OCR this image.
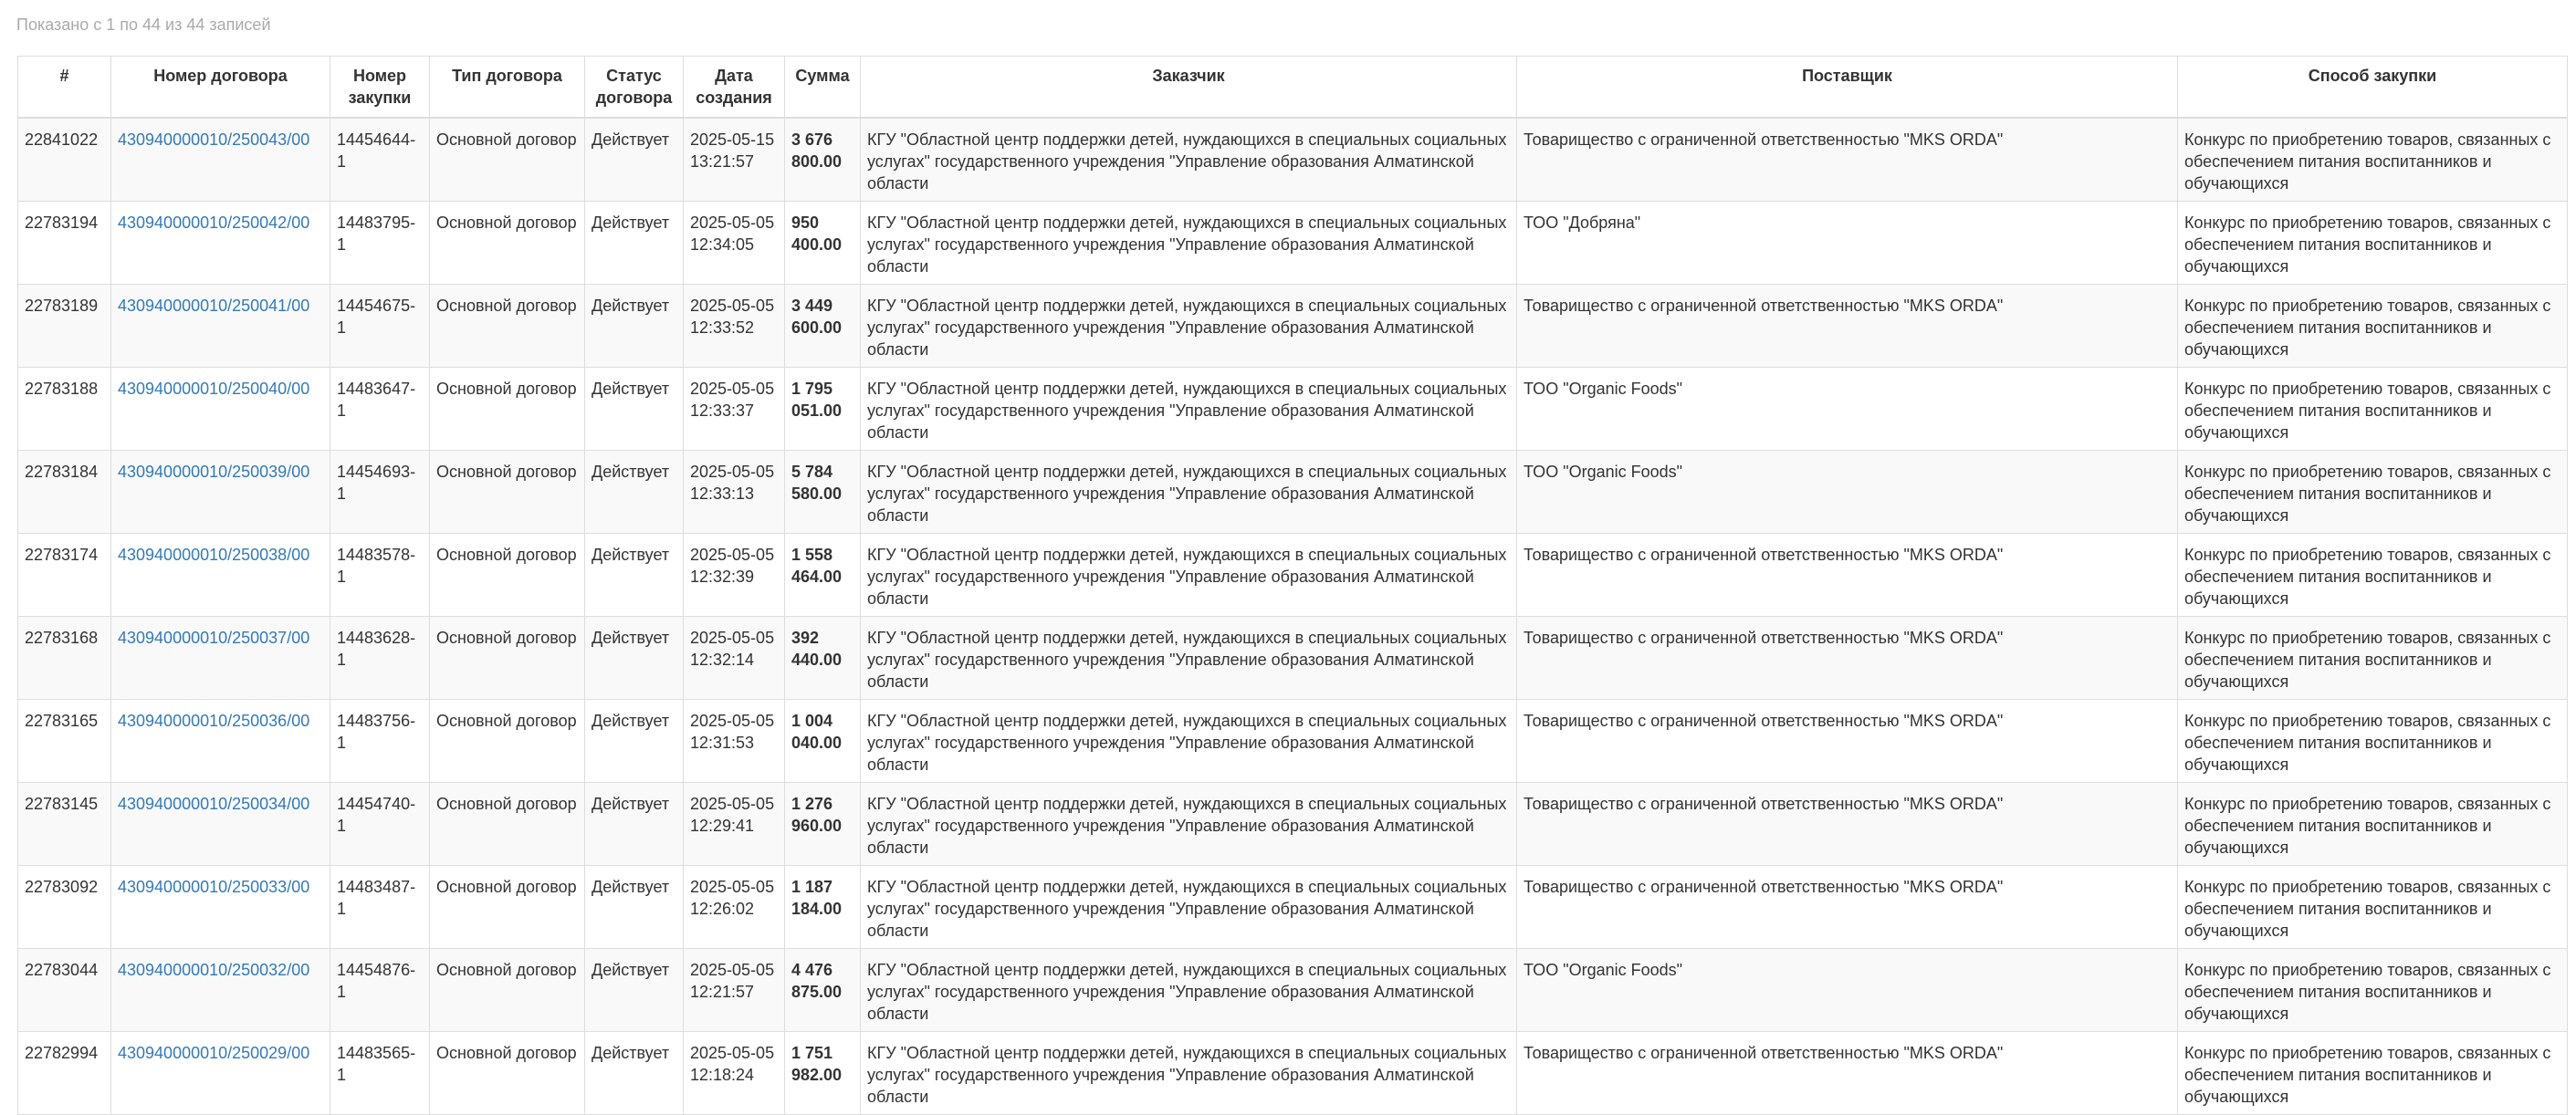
Показано с 1 по 44 из 44 записей
#	Номер договора	Номер закупки	Тип договора	Статус договора	Дата создания	Сумма	Заказчик	Поставщик	Способ закупки
22841022	430940000010/250043/00	14454644-1	Основной договор	Действует	2025-05-15 13:21:57	3 676 800.00	КГУ "Областной центр поддержки детей, нуждающихся в специальных социальных услугах" государственного учреждения "Управление образования Алматинской области	Товарищество с ограниченной ответственностью "MKS ORDA"	Конкурс по приобретению товаров, связанных с обеспечением питания воспитанников и обучающихся
22783194	430940000010/250042/00	14483795-1	Основной договор	Действует	2025-05-05 12:34:05	950 400.00	КГУ "Областной центр поддержки детей, нуждающихся в специальных социальных услугах" государственного учреждения "Управление образования Алматинской области	ТОО "Добряна"	Конкурс по приобретению товаров, связанных с обеспечением питания воспитанников и обучающихся
22783189	430940000010/250041/00	14454675-1	Основной договор	Действует	2025-05-05 12:33:52	3 449 600.00	КГУ "Областной центр поддержки детей, нуждающихся в специальных социальных услугах" государственного учреждения "Управление образования Алматинской области	Товарищество с ограниченной ответственностью "MKS ORDA"	Конкурс по приобретению товаров, связанных с обеспечением питания воспитанников и обучающихся
22783188	430940000010/250040/00	14483647-1	Основной договор	Действует	2025-05-05 12:33:37	1 795 051.00	КГУ "Областной центр поддержки детей, нуждающихся в специальных социальных услугах" государственного учреждения "Управление образования Алматинской области	ТОО "Organic Foods"	Конкурс по приобретению товаров, связанных с обеспечением питания воспитанников и обучающихся
22783184	430940000010/250039/00	14454693-1	Основной договор	Действует	2025-05-05 12:33:13	5 784 580.00	КГУ "Областной центр поддержки детей, нуждающихся в специальных социальных услугах" государственного учреждения "Управление образования Алматинской области	ТОО "Organic Foods"	Конкурс по приобретению товаров, связанных с обеспечением питания воспитанников и обучающихся
22783174	430940000010/250038/00	14483578-1	Основной договор	Действует	2025-05-05 12:32:39	1 558 464.00	КГУ "Областной центр поддержки детей, нуждающихся в специальных социальных услугах" государственного учреждения "Управление образования Алматинской области	Товарищество с ограниченной ответственностью "MKS ORDA"	Конкурс по приобретению товаров, связанных с обеспечением питания воспитанников и обучающихся
22783168	430940000010/250037/00	14483628-1	Основной договор	Действует	2025-05-05 12:32:14	392 440.00	КГУ "Областной центр поддержки детей, нуждающихся в специальных социальных услугах" государственного учреждения "Управление образования Алматинской области	Товарищество с ограниченной ответственностью "MKS ORDA"	Конкурс по приобретению товаров, связанных с обеспечением питания воспитанников и обучающихся
22783165	430940000010/250036/00	14483756-1	Основной договор	Действует	2025-05-05 12:31:53	1 004 040.00	КГУ "Областной центр поддержки детей, нуждающихся в специальных социальных услугах" государственного учреждения "Управление образования Алматинской области	Товарищество с ограниченной ответственностью "MKS ORDA"	Конкурс по приобретению товаров, связанных с обеспечением питания воспитанников и обучающихся
22783145	430940000010/250034/00	14454740-1	Основной договор	Действует	2025-05-05 12:29:41	1 276 960.00	КГУ "Областной центр поддержки детей, нуждающихся в специальных социальных услугах" государственного учреждения "Управление образования Алматинской области	Товарищество с ограниченной ответственностью "MKS ORDA"	Конкурс по приобретению товаров, связанных с обеспечением питания воспитанников и обучающихся
22783092	430940000010/250033/00	14483487-1	Основной договор	Действует	2025-05-05 12:26:02	1 187 184.00	КГУ "Областной центр поддержки детей, нуждающихся в специальных социальных услугах" государственного учреждения "Управление образования Алматинской области	Товарищество с ограниченной ответственностью "MKS ORDA"	Конкурс по приобретению товаров, связанных с обеспечением питания воспитанников и обучающихся
22783044	430940000010/250032/00	14454876-1	Основной договор	Действует	2025-05-05 12:21:57	4 476 875.00	КГУ "Областной центр поддержки детей, нуждающихся в специальных социальных услугах" государственного учреждения "Управление образования Алматинской области	ТОО "Organic Foods"	Конкурс по приобретению товаров, связанных с обеспечением питания воспитанников и обучающихся
22782994	430940000010/250029/00	14483565-1	Основной договор	Действует	2025-05-05 12:18:24	1 751 982.00	КГУ "Областной центр поддержки детей, нуждающихся в специальных социальных услугах" государственного учреждения "Управление образования Алматинской области	Товарищество с ограниченной ответственностью "MKS ORDA"	Конкурс по приобретению товаров, связанных с обеспечением питания воспитанников и обучающихся
